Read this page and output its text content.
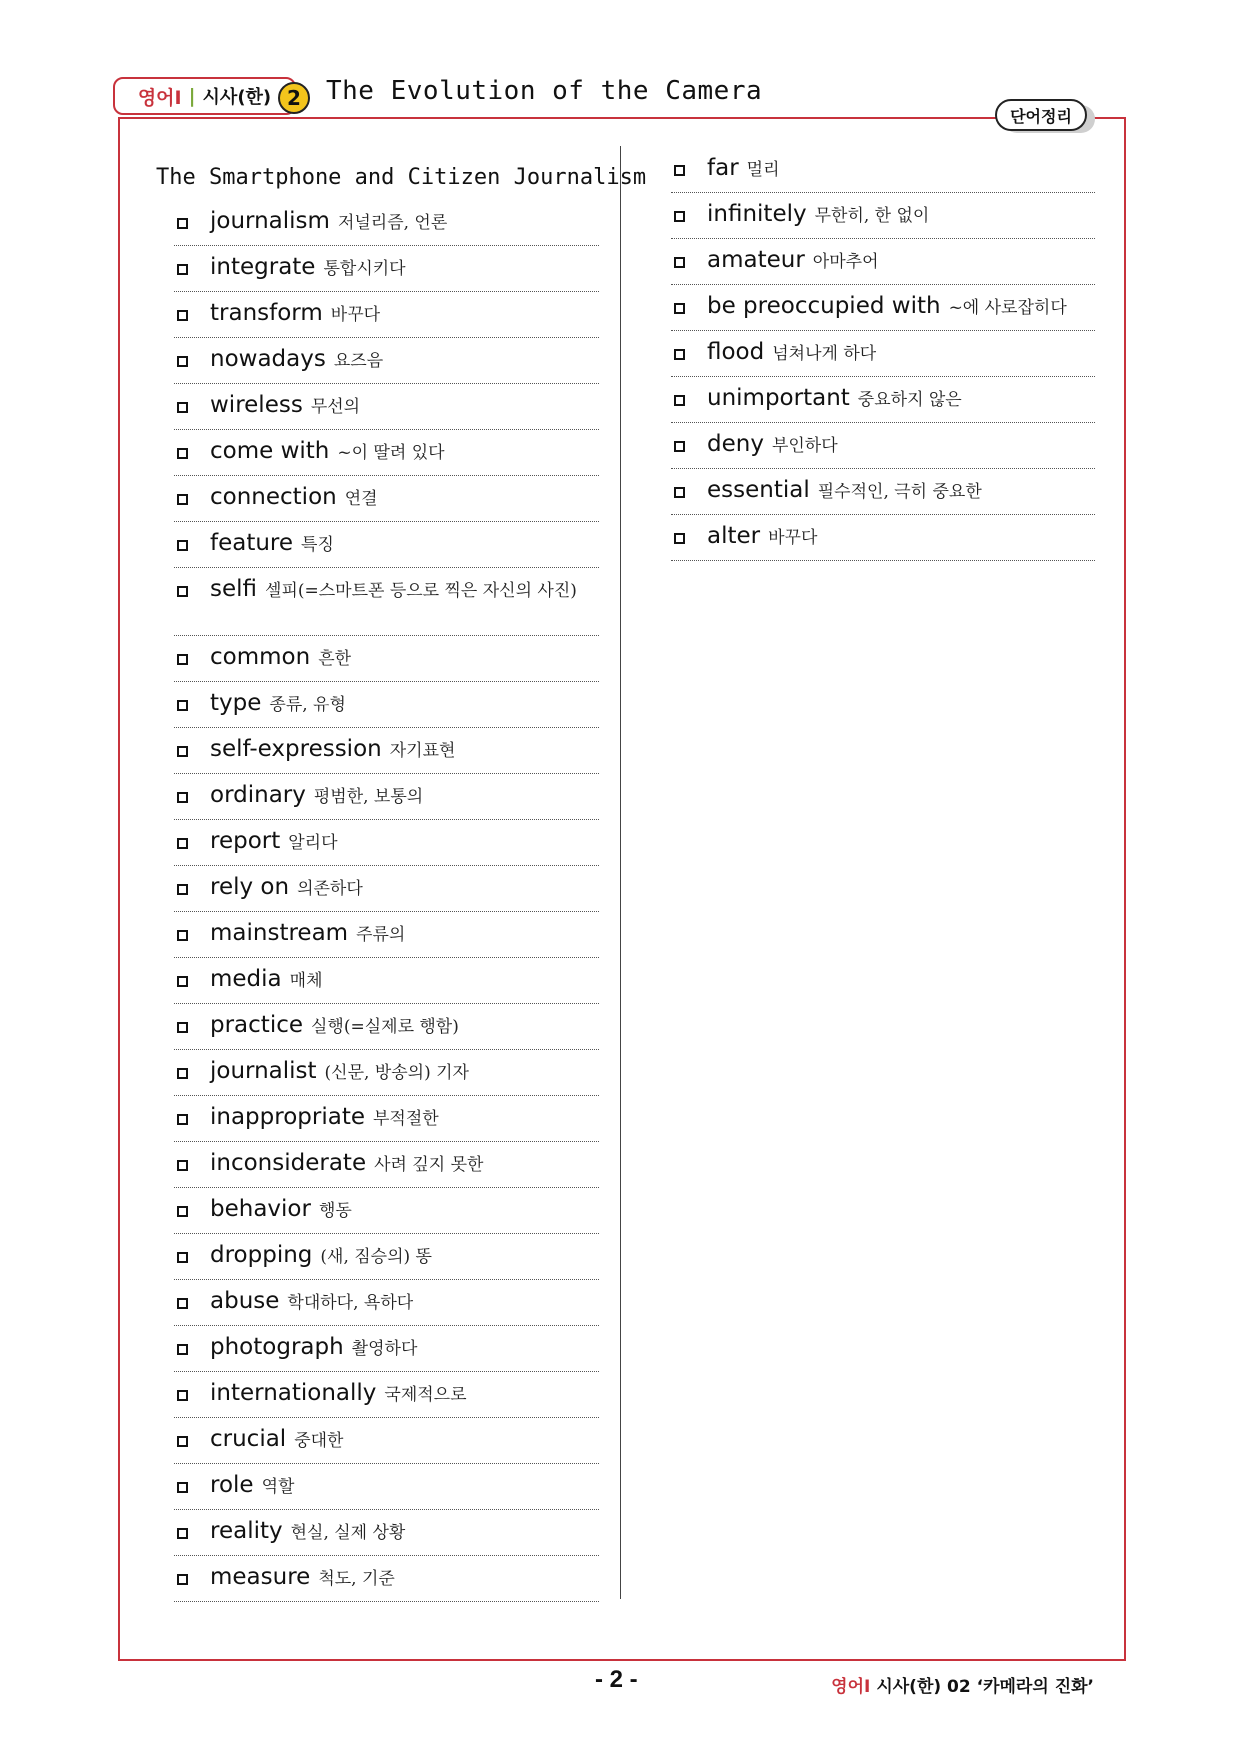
영어Ⅰ | 시사(한) 2 The Evolution of the Camera
단어정리
The Smartphone and Citizen Journalism
journalism 저널리즘, 언론
integrate 통합시키다
transform 바꾸다
nowadays 요즈음
wireless 무선의
come with ~이 딸려 있다
connection 연결
feature 특징
selfi 셀피(=스마트폰 등으로 찍은 자신의 사진)
common 흔한
type 종류, 유형
self-expression 자기표현
ordinary 평범한, 보통의
report 알리다
rely on 의존하다
mainstream 주류의
media 매체
practice 실행(=실제로 행함)
journalist (신문, 방송의) 기자
inappropriate 부적절한
inconsiderate 사려 깊지 못한
behavior 행동
dropping (새, 짐승의) 똥
abuse 학대하다, 욕하다
photograph 촬영하다
internationally 국제적으로
crucial 중대한
role 역할
reality 현실, 실제 상황
measure 척도, 기준
far 멀리
infinitely 무한히, 한 없이
amateur 아마추어
be preoccupied with ~에 사로잡히다
flood 넘쳐나게 하다
unimportant 중요하지 않은
deny 부인하다
essential 필수적인, 극히 중요한
alter 바꾸다
- 2 -	영어Ⅰ 시사(한) 02 ‘카메라의 진화’
